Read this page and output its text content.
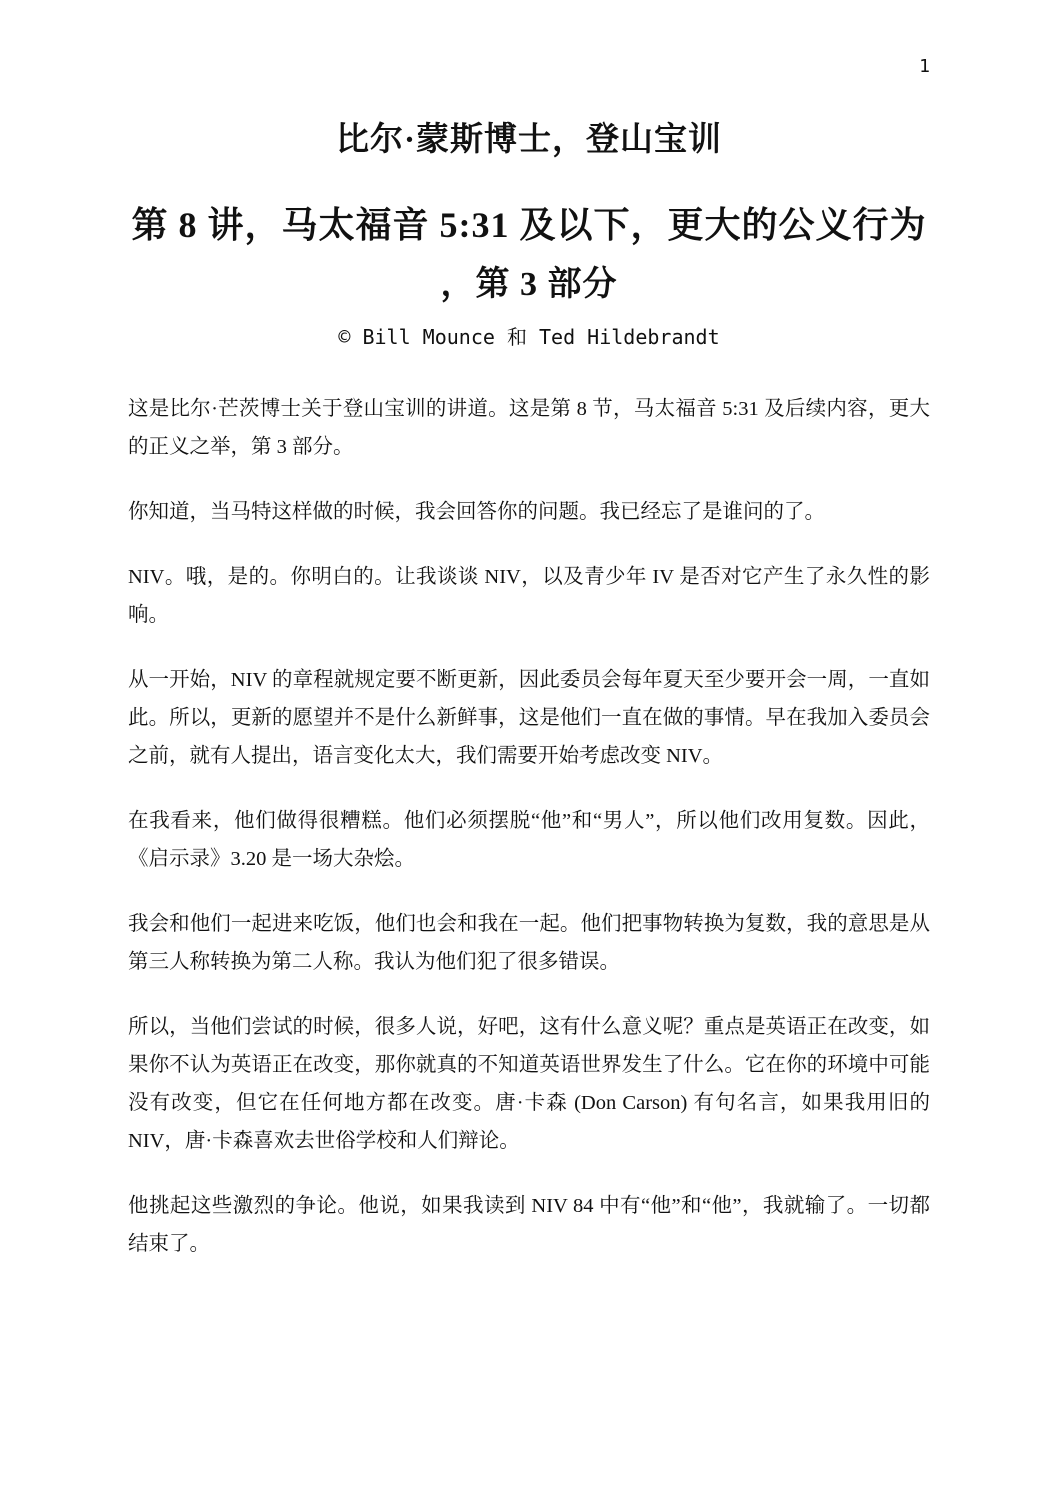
1
比尔·蒙斯博士，登山宝训
第 8 讲，马太福音 5:31 及以下，更大的公义行为
，第 3 部分
© Bill Mounce 和 Ted Hildebrandt

这是比尔·芒茨博士关于登山宝训的讲道。这是第 8 节，马太福音 5:31 及后续内容，更大的正义之举，第 3 部分。

你知道，当马特这样做的时候，我会回答你的问题。我已经忘了是谁问的了。

NIV。哦，是的。你明白的。让我谈谈 NIV，以及青少年 IV 是否对它产生了永久性的影响。

从一开始，NIV 的章程就规定要不断更新，因此委员会每年夏天至少要开会一周，一直如此。所以，更新的愿望并不是什么新鲜事，这是他们一直在做的事情。早在我加入委员会之前，就有人提出，语言变化太大，我们需要开始考虑改变 NIV。

在我看来，他们做得很糟糕。他们必须摆脱“他”和“男人”，所以他们改用复数。因此，《启示录》3.20 是一场大杂烩。

我会和他们一起进来吃饭，他们也会和我在一起。他们把事物转换为复数，我的意思是从第三人称转换为第二人称。我认为他们犯了很多错误。

所以，当他们尝试的时候，很多人说，好吧，这有什么意义呢？重点是英语正在改变，如果你不认为英语正在改变，那你就真的不知道英语世界发生了什么。它在你的环境中可能没有改变，但它在任何地方都在改变。唐·卡森 (Don Carson) 有句名言，如果我用旧的 NIV，唐·卡森喜欢去世俗学校和人们辩论。

他挑起这些激烈的争论。他说，如果我读到 NIV 84 中有“他”和“他”，我就输了。一切都结束了。
